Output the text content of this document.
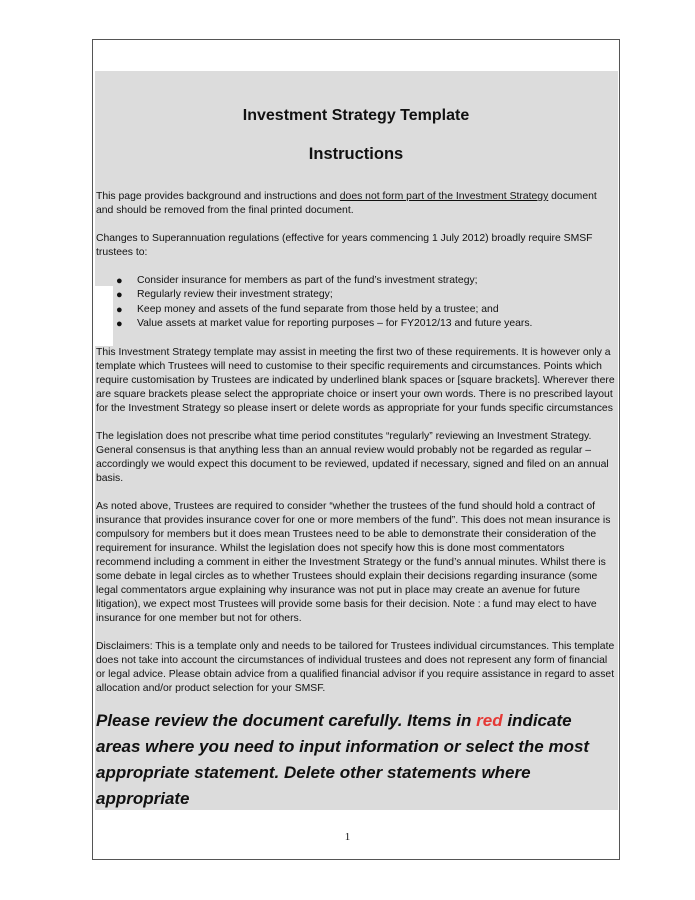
Investment Strategy Template
Instructions

This page provides background and instructions and does not form part of the Investment Strategy document and should be removed from the final printed document.

Changes to Superannuation regulations (effective for years commencing 1 July 2012) broadly require SMSF trustees to:

● Consider insurance for members as part of the fund’s investment strategy;
● Regularly review their investment strategy;
● Keep money and assets of the fund separate from those held by a trustee; and
● Value assets at market value for reporting purposes – for FY2012/13 and future years.

This Investment Strategy template may assist in meeting the first two of these requirements. It is however only a template which Trustees will need to customise to their specific requirements and circumstances. Points which require customisation by Trustees are indicated by underlined blank spaces or [square brackets]. Wherever there are square brackets please select the appropriate choice or insert your own words. There is no prescribed layout for the Investment Strategy so please insert or delete words as appropriate for your funds specific circumstances

The legislation does not prescribe what time period constitutes “regularly” reviewing an Investment Strategy. General consensus is that anything less than an annual review would probably not be regarded as regular – accordingly we would expect this document to be reviewed, updated if necessary, signed and filed on an annual basis.

As noted above, Trustees are required to consider “whether the trustees of the fund should hold a contract of insurance that provides insurance cover for one or more members of the fund”. This does not mean insurance is compulsory for members but it does mean Trustees need to be able to demonstrate their consideration of the requirement for insurance. Whilst the legislation does not specify how this is done most commentators recommend including a comment in either the Investment Strategy or the fund’s annual minutes. Whilst there is some debate in legal circles as to whether Trustees should explain their decisions regarding insurance (some legal commentators argue explaining why insurance was not put in place may create an avenue for future litigation), we expect most Trustees will provide some basis for their decision. Note : a fund may elect to have insurance for one member but not for others.

Disclaimers: This is a template only and needs to be tailored for Trustees individual circumstances. This template does not take into account the circumstances of individual trustees and does not represent any form of financial or legal advice. Please obtain advice from a qualified financial advisor if you require assistance in regard to asset allocation and/or product selection for your SMSF.

Please review the document carefully. Items in red indicate areas where you need to input information or select the most appropriate statement. Delete other statements where appropriate

1
